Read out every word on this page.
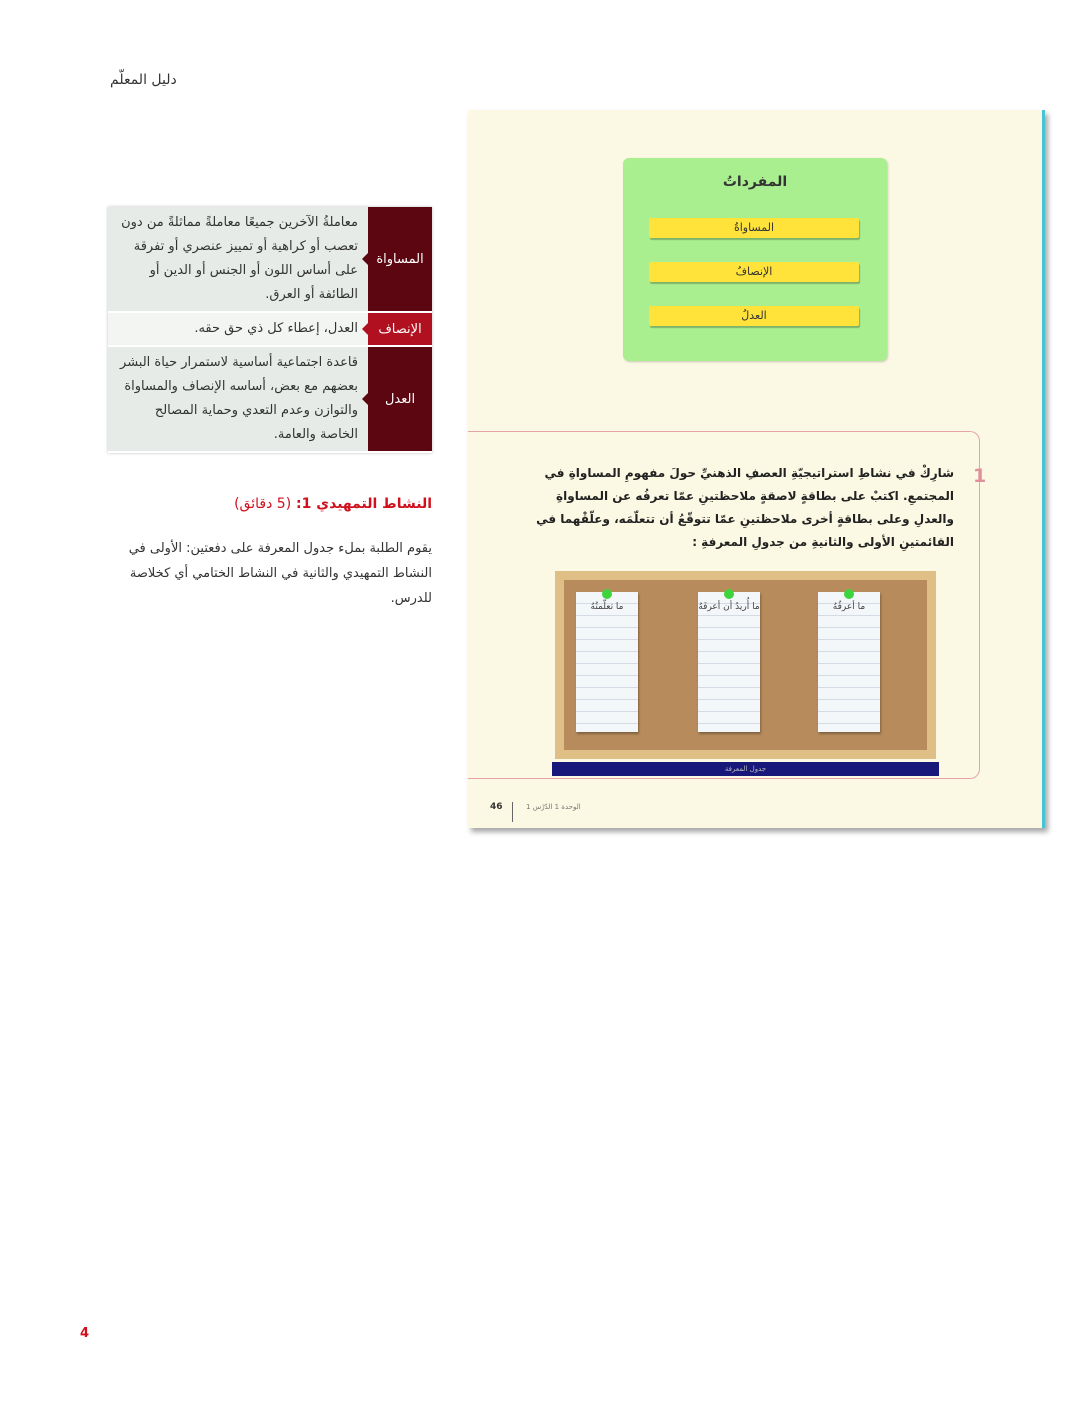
دليل المعلّم
المساواة
معاملةُ الآخرين جميعًا معاملةً مماثلةً من دون تعصب أو كراهية أو تمييز عنصري أو تفرقة على أساس اللون أو الجنس أو الدين أو الطائفة أو العرق.
الإنصاف
العدل، إعطاء كل ذي حق حقه.
العدل
قاعدة اجتماعية أساسية لاستمرار حياة البشر بعضهم مع بعض، أساسه الإنصاف والمساواة والتوازن وعدم التعدي وحماية المصالح الخاصة والعامة.
النشاط التمهيدي 1: (5 دقائق)
يقوم الطلبة بملء جدول المعرفة على دفعتين: الأولى في النشاط التمهيدي والثانية في النشاط الختامي أي كخلاصة للدرس.
المفرداتُ
المساواةُ
الإنصافُ
العدلُ
1
شارِكْ في نشاطِ استراتيجيّةِ العصفِ الذهنيِّ حولَ مفهومِ المساواةِ في المجتمعِ. اكتبْ على بطاقةٍ لاصقةٍ ملاحظتينِ عمّا تعرفُه عن المساواةِ والعدلِ وعلى بطاقةٍ أخرى ملاحظتينِ عمّا تتوقّعُ أن تتعلّمَه، وعلّقْهما في القائمتينِ الأولى والثانيةِ من جدولِ المعرفةِ :
ما أعرفُهُ
ما أُريدُ أن أعرفَهُ
ما تعلّمتُهُ
جدول المعرفة
46	الوحدة 1 الدّرْس 1
4
